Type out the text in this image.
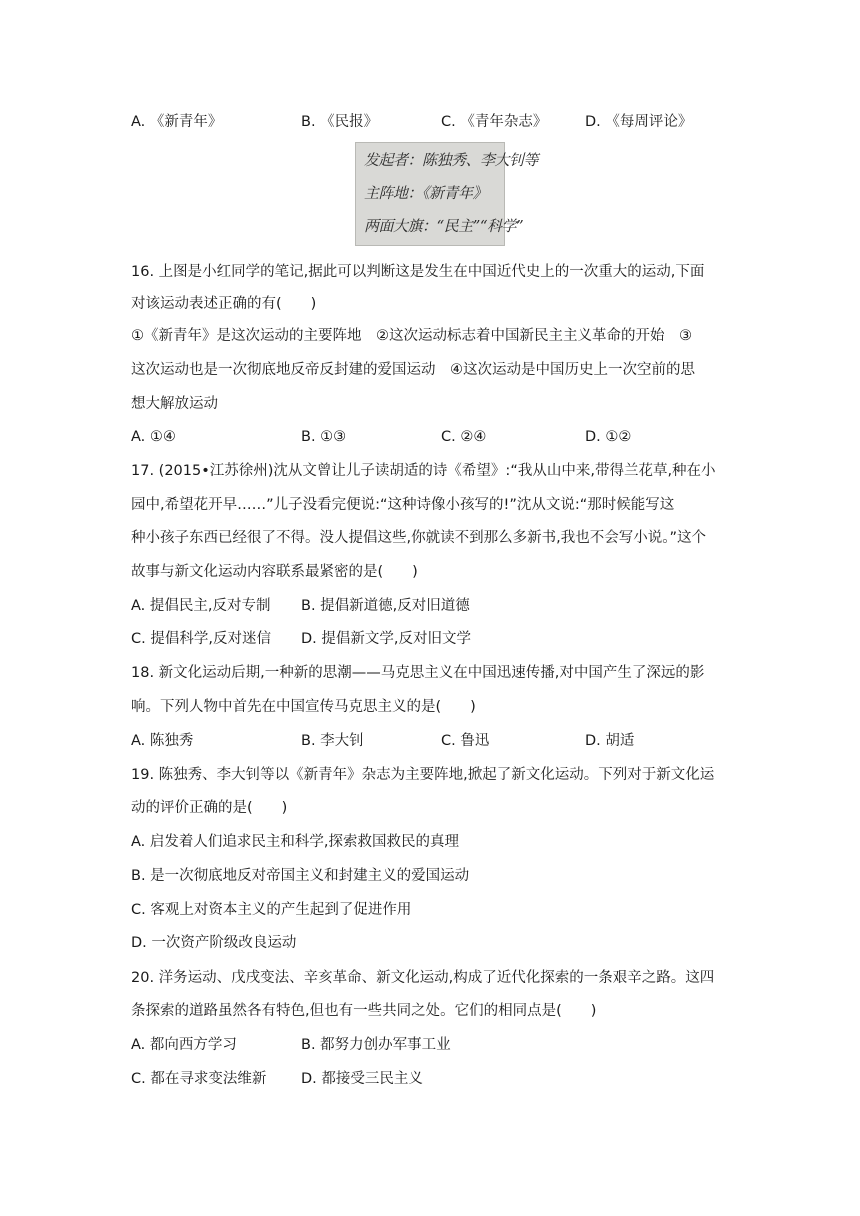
A. 《新青年》	B. 《民报》	C. 《青年杂志》	D. 《每周评论》
发起者：陈独秀、李大钊等
主阵地：《新青年》
两面大旗：“民主”“科学”
16. 上图是小红同学的笔记,据此可以判断这是发生在中国近代史上的一次重大的运动,下面
对该运动表述正确的有(　　)
①《新青年》是这次运动的主要阵地　②这次运动标志着中国新民主主义革命的开始　③
这次运动也是一次彻底地反帝反封建的爱国运动　④这次运动是中国历史上一次空前的思
想大解放运动
A. ①④	B. ①③	C. ②④	D. ①②
17. (2015•江苏徐州)沈从文曾让儿子读胡适的诗《希望》:“我从山中来,带得兰花草,种在小
园中,希望花开早……”儿子没看完便说:“这种诗像小孩写的!”沈从文说:“那时候能写这
种小孩子东西已经很了不得。没人提倡这些,你就读不到那么多新书,我也不会写小说。”这个
故事与新文化运动内容联系最紧密的是(　　)
A. 提倡民主,反对专制 B. 提倡新道德,反对旧道德
C. 提倡科学,反对迷信 D. 提倡新文学,反对旧文学
18. 新文化运动后期,一种新的思潮——马克思主义在中国迅速传播,对中国产生了深远的影
响。下列人物中首先在中国宣传马克思主义的是(　　)
A. 陈独秀	B. 李大钊	C. 鲁迅	D. 胡适
19. 陈独秀、李大钊等以《新青年》杂志为主要阵地,掀起了新文化运动。下列对于新文化运
动的评价正确的是(　　)
A. 启发着人们追求民主和科学,探索救国救民的真理
B. 是一次彻底地反对帝国主义和封建主义的爱国运动
C. 客观上对资本主义的产生起到了促进作用
D. 一次资产阶级改良运动
20. 洋务运动、戊戌变法、辛亥革命、新文化运动,构成了近代化探索的一条艰辛之路。这四
条探索的道路虽然各有特色,但也有一些共同之处。它们的相同点是(　　)
A. 都向西方学习	B. 都努力创办军事工业
C. 都在寻求变法维新 D. 都接受三民主义
